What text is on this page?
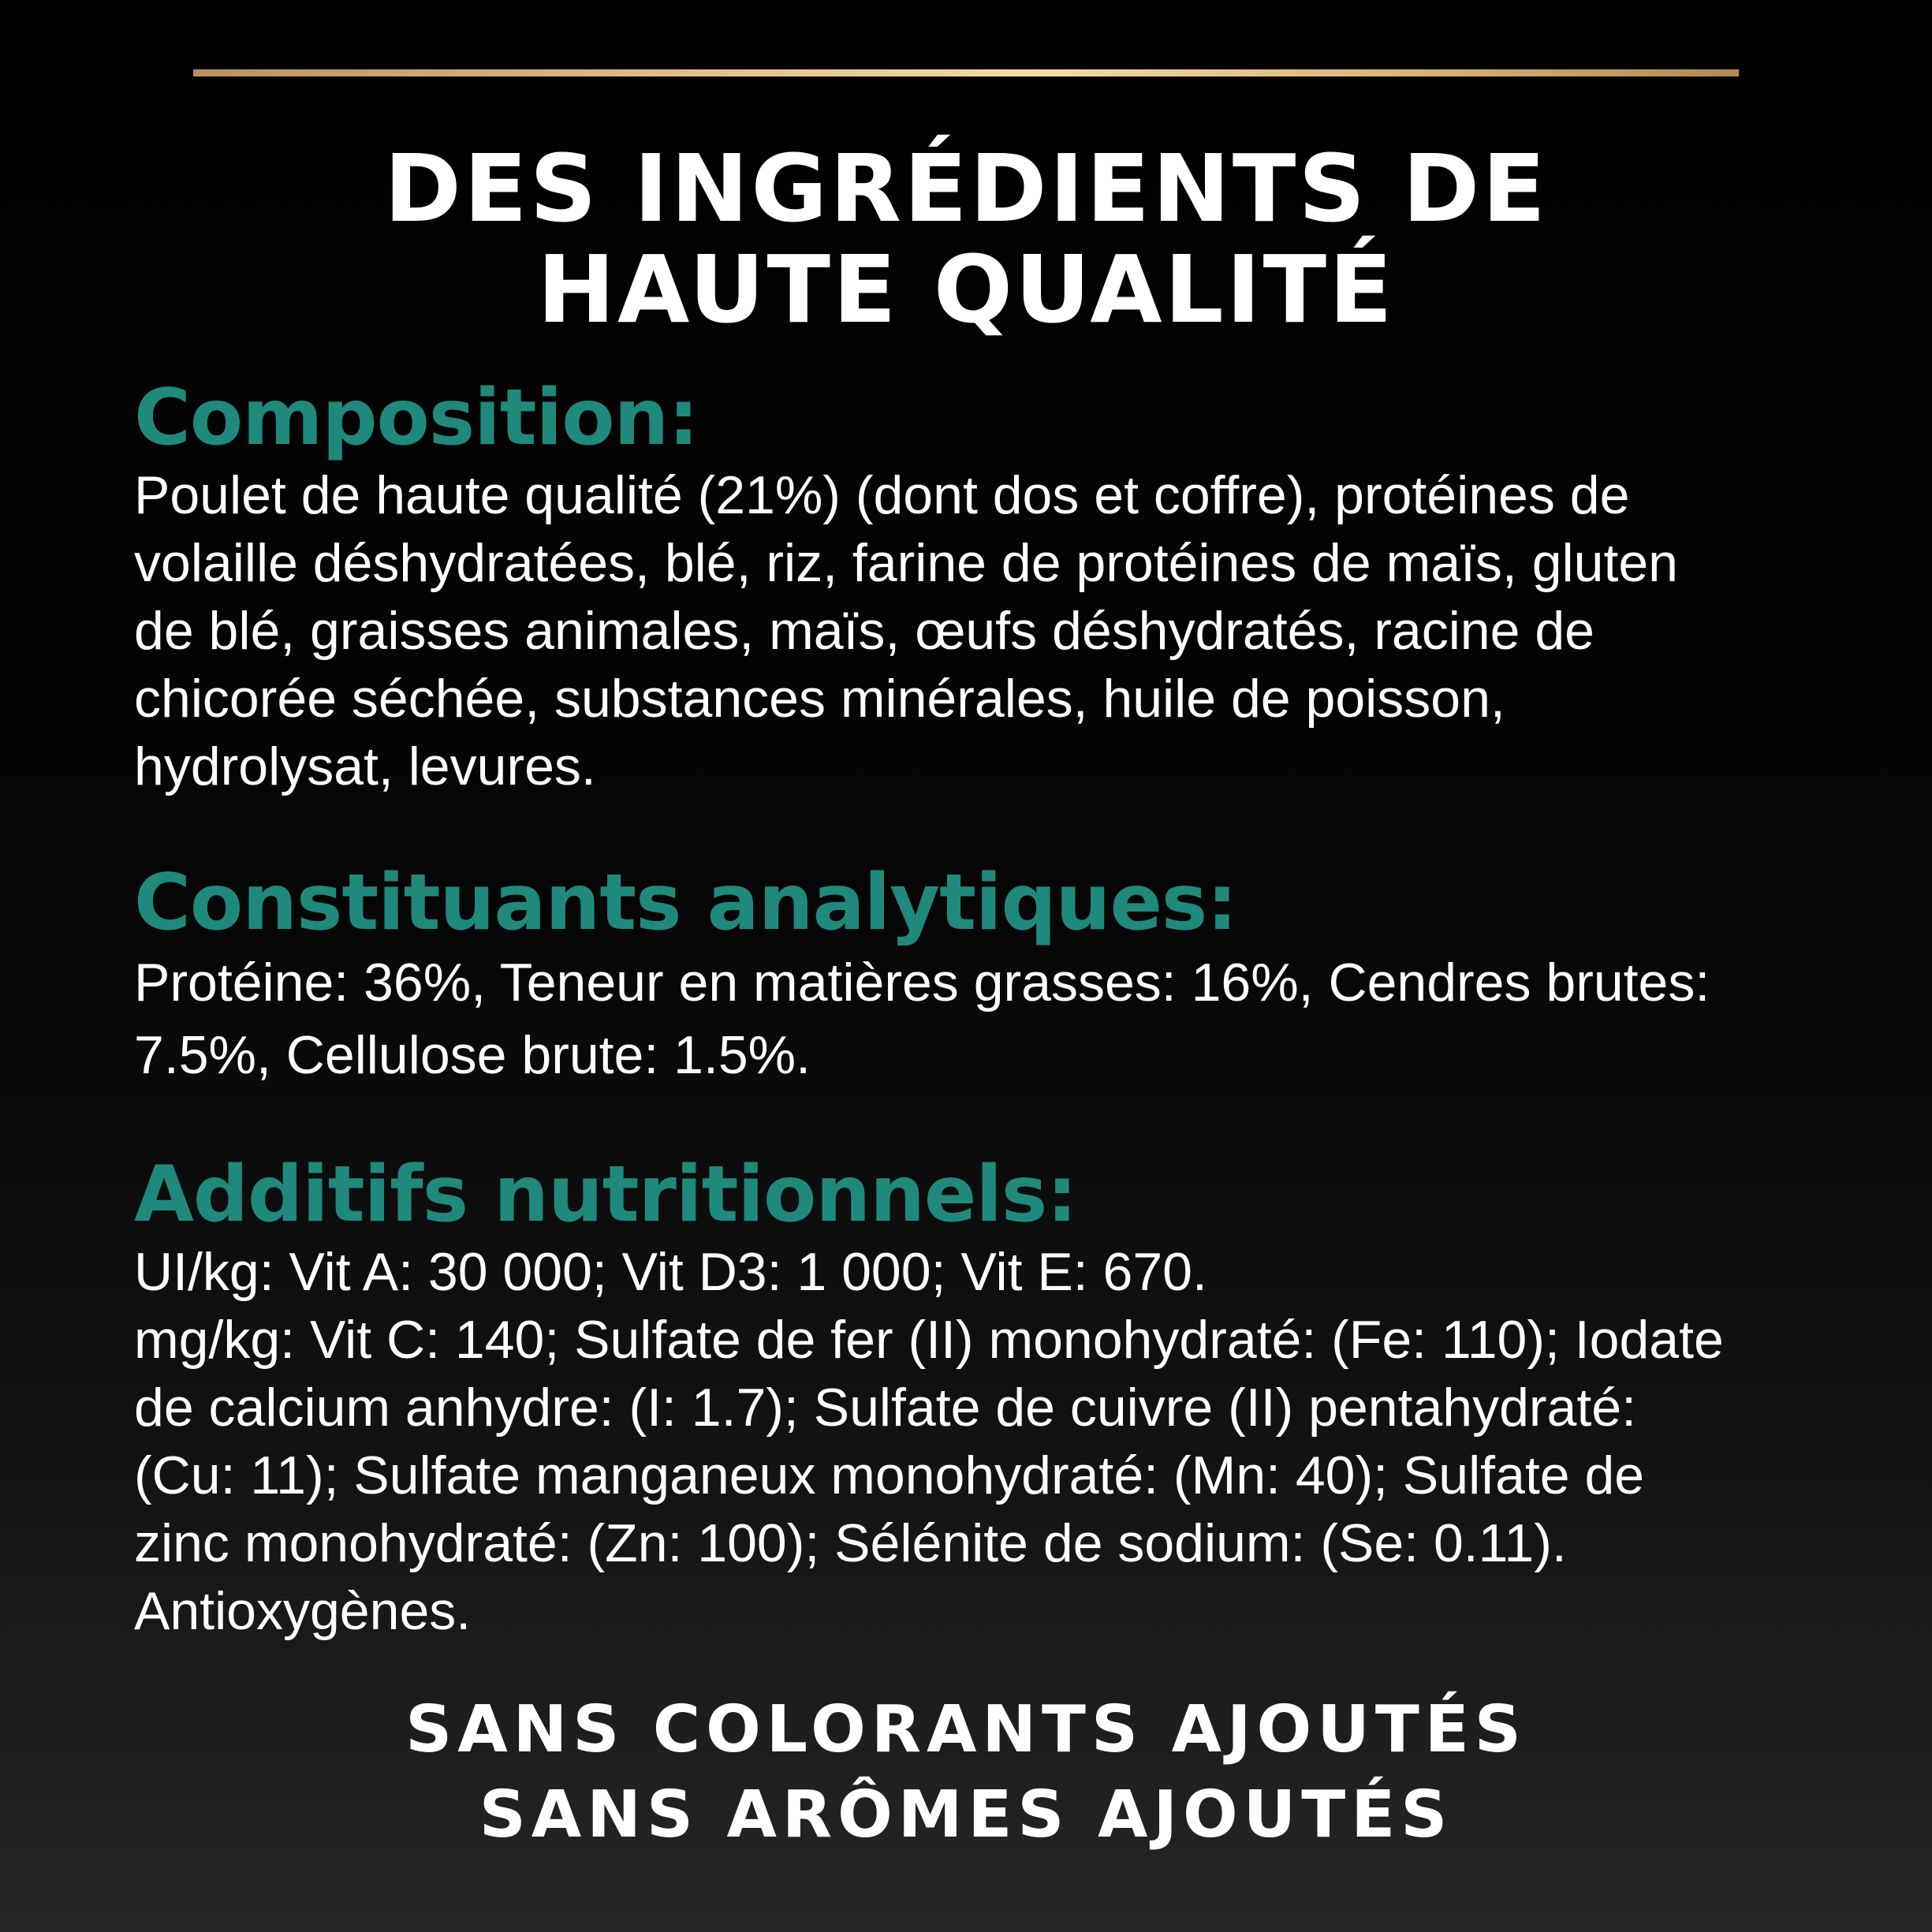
DES INGRÉDIENTS DE
HAUTE QUALITÉ
Composition:

Poulet de haute qualité (21%) (dont dos et coffre), protéines de
volaille déshydratées, blé, riz, farine de protéines de maïs, gluten
de blé, graisses animales, maïs, œufs déshydratés, racine de
chicorée séchée, substances minérales, huile de poisson,
hydrolysat, levures.

Constituants analytiques:

Protéine: 36%, Teneur en matières grasses: 16%, Cendres brutes:
7.5%, Cellulose brute: 1.5%.

Additifs nutritionnels:

UI/kg: Vit A: 30 000; Vit D3: 1 000; Vit E: 670.
mg/kg: Vit C: 140; Sulfate de fer (II) monohydraté: (Fe: 110); Iodate
de calcium anhydre: (I: 1.7); Sulfate de cuivre (II) pentahydraté:
(Cu: 11); Sulfate manganeux monohydraté: (Mn: 40); Sulfate de
zinc monohydraté: (Zn: 100); Sélénite de sodium: (Se: 0.11).
Antioxygènes.

SANS COLORANTS AJOUTÉS
SANS ARÔMES AJOUTÉS
